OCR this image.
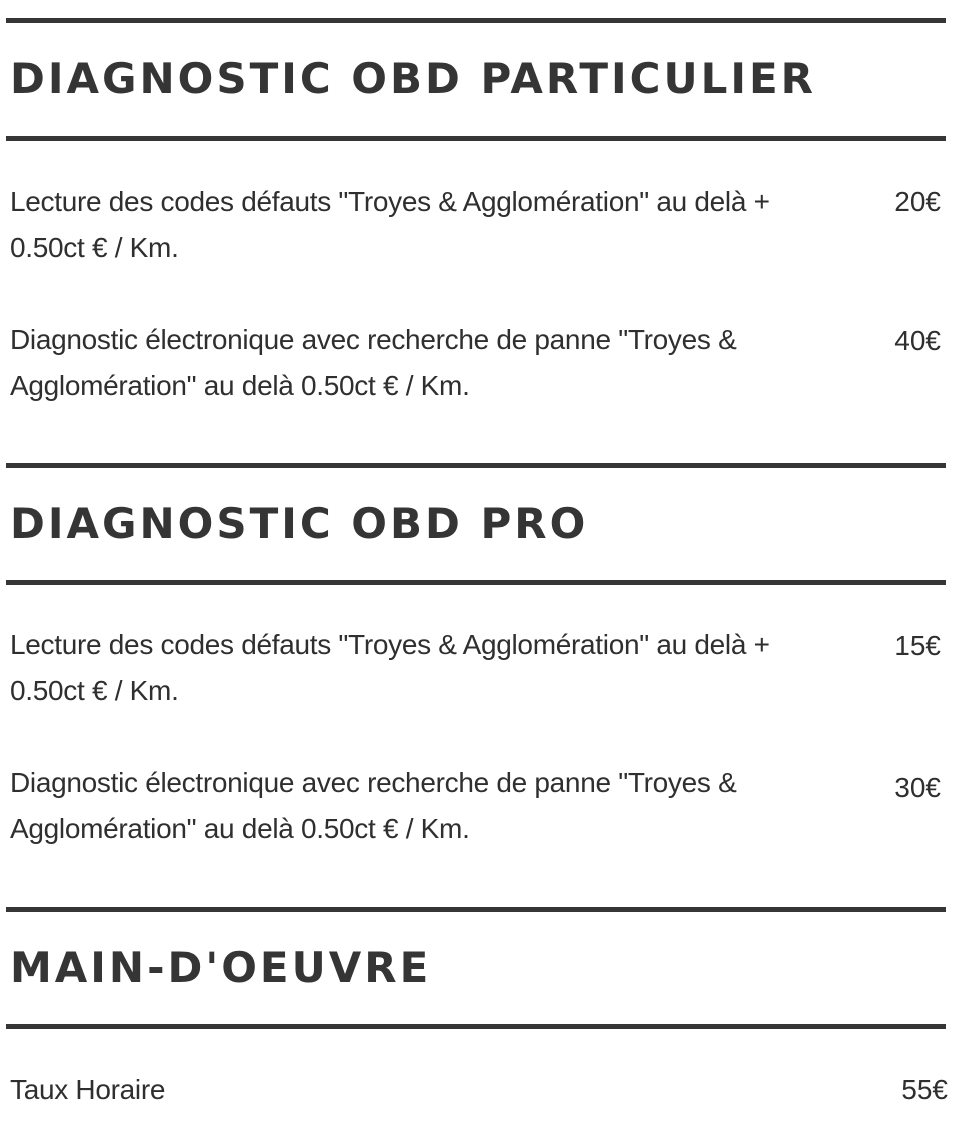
DIAGNOSTIC OBD PARTICULIER

Lecture des codes défauts "Troyes & Agglomération" au delà + 0.50ct € / Km.

20€

Diagnostic électronique avec recherche de panne "Troyes & Agglomération" au delà 0.50ct € / Km.

40€

DIAGNOSTIC OBD PRO

Lecture des codes défauts "Troyes & Agglomération" au delà + 0.50ct € / Km.

15€

Diagnostic électronique avec recherche de panne "Troyes & Agglomération" au delà 0.50ct € / Km.

30€

MAIN-D'OEUVRE

Taux Horaire	55€
